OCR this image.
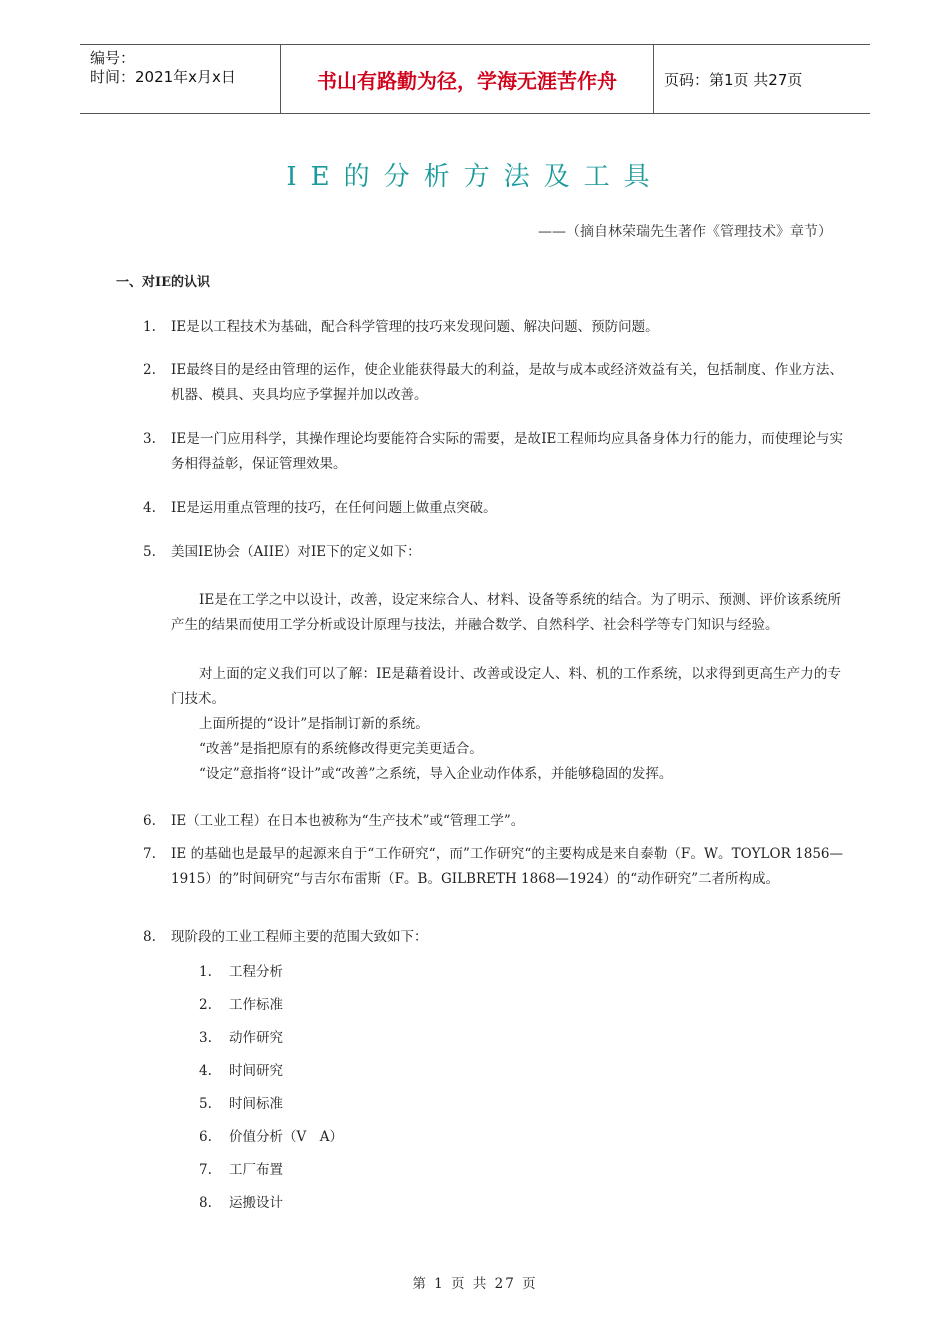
编号：
时间：2021年x月x日	书山有路勤为径，学海无涯苦作舟	页码：第1页 共27页
IE的分析方法及工具
——（摘自林荣瑞先生著作《管理技术》章节）
一、对IE的认识
1. IE是以工程技术为基础，配合科学管理的技巧来发现问题、解决问题、预防问题。
2. IE最终目的是经由管理的运作，使企业能获得最大的利益，是故与成本或经济效益有关，包括制度、作业方法、机器、模具、夹具均应予掌握并加以改善。
3. IE是一门应用科学，其操作理论均要能符合实际的需要，是故IE工程师均应具备身体力行的能力，而使理论与实务相得益彰，保证管理效果。
4. IE是运用重点管理的技巧，在任何问题上做重点突破。
5. 美国IE协会（AIIE）对IE下的定义如下：
IE是在工学之中以设计，改善，设定来综合人、材料、设备等系统的结合。为了明示、预测、评价该系统所产生的结果而使用工学分析或设计原理与技法，并融合数学、自然科学、社会科学等专门知识与经验。
对上面的定义我们可以了解：IE是藉着设计、改善或设定人、料、机的工作系统，以求得到更高生产力的专门技术。
上面所提的“设计”是指制订新的系统。
“改善”是指把原有的系统修改得更完美更适合。
“设定”意指将“设计”或“改善”之系统，导入企业动作体系，并能够稳固的发挥。
6. IE（工业工程）在日本也被称为“生产技术”或“管理工学”。
7. IE 的基础也是最早的起源来自于“工作研究“，而”工作研究“的主要构成是来自泰勒（F。W。TOYLOR 1856—1915）的”时间研究“与吉尔布雷斯（F。B。GILBRETH 1868—1924）的“动作研究”二者所构成。
8. 现阶段的工业工程师主要的范围大致如下：
1. 工程分析
2. 工作标准
3. 动作研究
4. 时间研究
5. 时间标准
6. 价值分析（V　A）
7. 工厂布置
8. 运搬设计
第 1 页 共 27 页
